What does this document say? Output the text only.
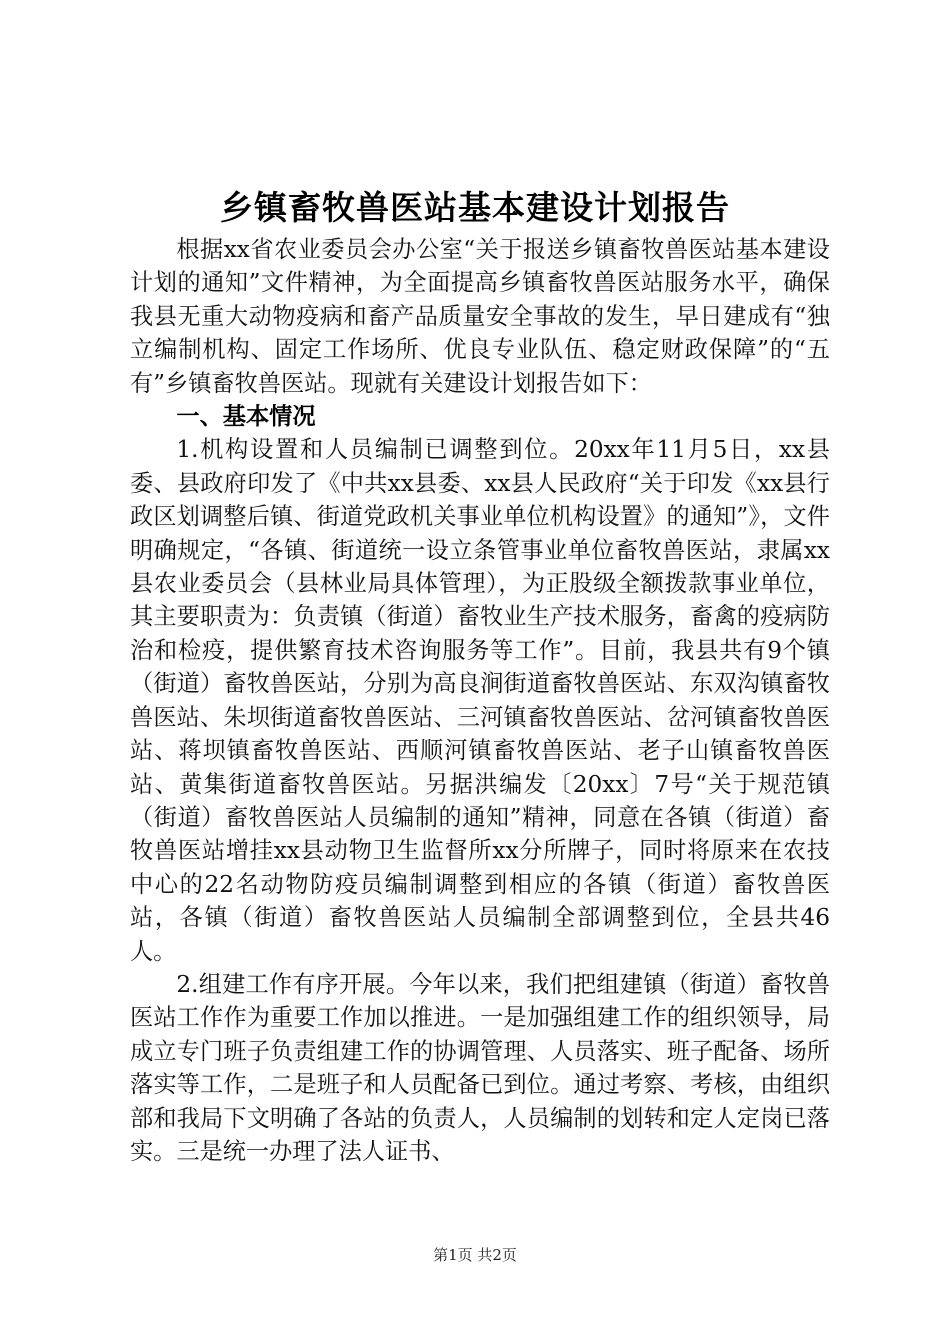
乡镇畜牧兽医站基本建设计划报告

根据xx省农业委员会办公室“关于报送乡镇畜牧兽医站基本建设计划的通知”文件精神，为全面提高乡镇畜牧兽医站服务水平，确保我县无重大动物疫病和畜产品质量安全事故的发生，早日建成有“独立编制机构、固定工作场所、优良专业队伍、稳定财政保障”的“五有”乡镇畜牧兽医站。现就有关建设计划报告如下：

一、基本情况

1.机构设置和人员编制已调整到位。20xx年11月5日，xx县委、县政府印发了《中共xx县委、xx县人民政府“关于印发《xx县行政区划调整后镇、街道党政机关事业单位机构设置》的通知”》，文件明确规定，“各镇、街道统一设立条管事业单位畜牧兽医站，隶属xx县农业委员会（县林业局具体管理），为正股级全额拨款事业单位，其主要职责为：负责镇（街道）畜牧业生产技术服务，畜禽的疫病防治和检疫，提供繁育技术咨询服务等工作”。目前，我县共有9个镇（街道）畜牧兽医站，分别为高良涧街道畜牧兽医站、东双沟镇畜牧兽医站、朱坝街道畜牧兽医站、三河镇畜牧兽医站、岔河镇畜牧兽医站、蒋坝镇畜牧兽医站、西顺河镇畜牧兽医站、老子山镇畜牧兽医站、黄集街道畜牧兽医站。另据洪编发〔20xx〕7号“关于规范镇（街道）畜牧兽医站人员编制的通知”精神，同意在各镇（街道）畜牧兽医站增挂xx县动物卫生监督所xx分所牌子，同时将原来在农技中心的22名动物防疫员编制调整到相应的各镇（街道）畜牧兽医站，各镇（街道）畜牧兽医站人员编制全部调整到位，全县共46人。

2.组建工作有序开展。今年以来，我们把组建镇（街道）畜牧兽医站工作作为重要工作加以推进。一是加强组建工作的组织领导，局成立专门班子负责组建工作的协调管理、人员落实、班子配备、场所落实等工作，二是班子和人员配备已到位。通过考察、考核，由组织部和我局下文明确了各站的负责人，人员编制的划转和定人定岗已落实。三是统一办理了法人证书、

第1页 共2页
